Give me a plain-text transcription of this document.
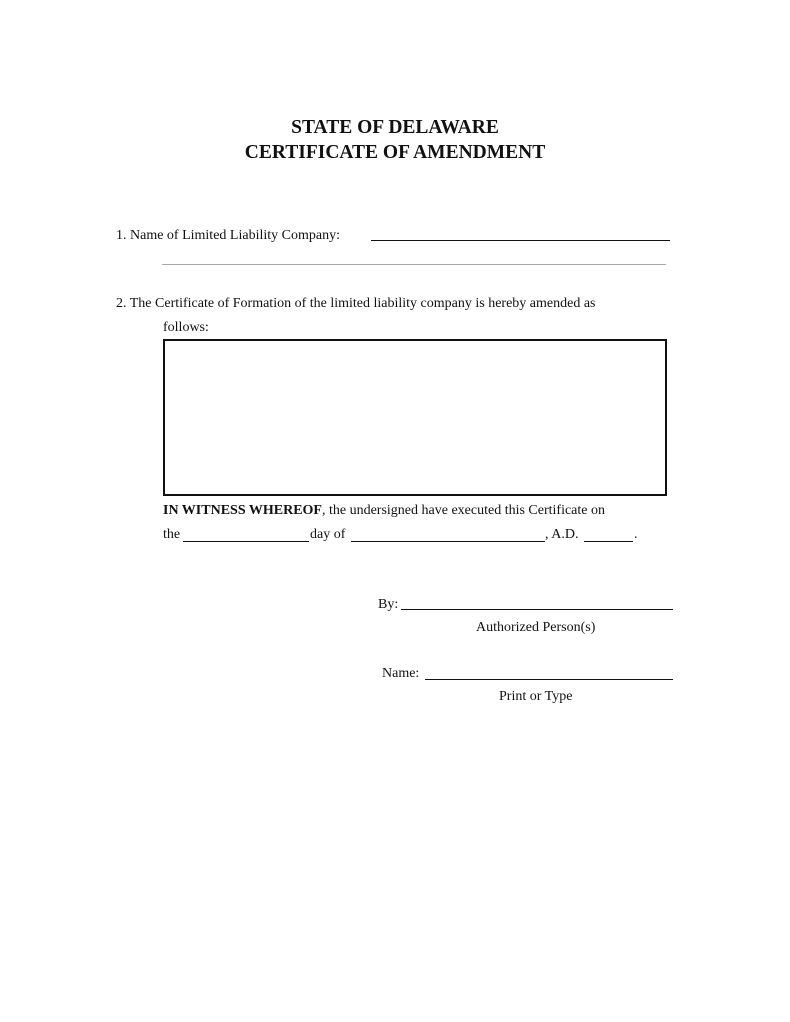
STATE OF DELAWARE
CERTIFICATE OF AMENDMENT
1. Name of Limited Liability Company:
2. The Certificate of Formation of the limited liability company is hereby amended as
follows:
IN WITNESS WHEREOF, the undersigned have executed this Certificate on
the	day of	, A.D.	.
By:
Authorized Person(s)
Name:
Print or Type
